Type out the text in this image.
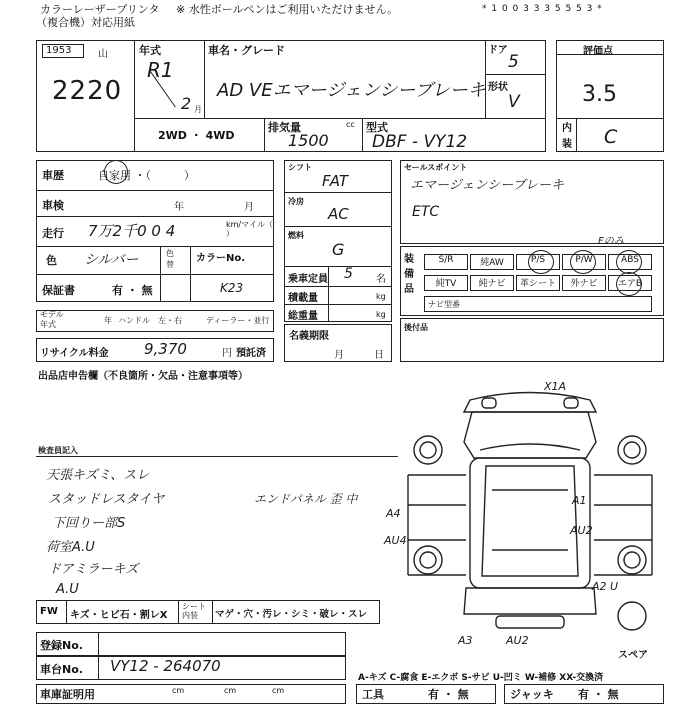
カラーレーザープリンタ
（複合機）対応用紙
※ 水性ボールペンはご利用いただけません。	* 1 0 0 3 3 3 5 5 5 3 *
1953	山
2220
年式
R1
2 月
車名・グレード
AD VEエマージェンシーブレーキ
ドア
5
形状
V
2WD ・ 4WD
排気量	cc
1500
型式
DBF - VY12
評価点
3.5
内
装 C
車歴	自家用 ・（　　　）
車検	年	月
走行 7万2千0 0 4	km/マイル（ ）
色 シルバー	色替
カラーNo.
K23
保証書	有 ・ 無
モデル年式	年 ハンドル　左・右	ディーラー・並行
リサイクル料金 9,370	円 預託済
シフト
FAT
冷房
AC
燃料
G
乗車定員 5 名
積載量	kg
総重量	kg
名義期限
月日
セールスポイント
エマージェンシーブレーキ
ETC
装備品
Fのみ
S/R	純AW	P/S	P/W	ABS
純TV	純ナビ	革シート	外ナビ	エアB
ナビ型番
後付品
出品店申告欄（不良箇所・欠品・注意事項等）
検査員記入
天張キズミ、スレ
スタッドレスタイヤ
下回りー部S
荷室A.U
ドアミラーキズ
A.U
エンドパネル 歪 中
X1A
A4
AU4
A1
AU2
A2 U
A3	AU2
スペア
FW キズ・ヒビ石・割レX
シート内装	マゲ・穴・汚レ・シミ・破レ・スレ
登録No.
車台No. VY12 - 264070
車庫証明用	cm	cm	cm
A-キズ C-腐食 E-エクボ S-サビ U-凹ミ W-補修 XX-交換済
工具	有 ・ 無	ジャッキ 有 ・ 無
